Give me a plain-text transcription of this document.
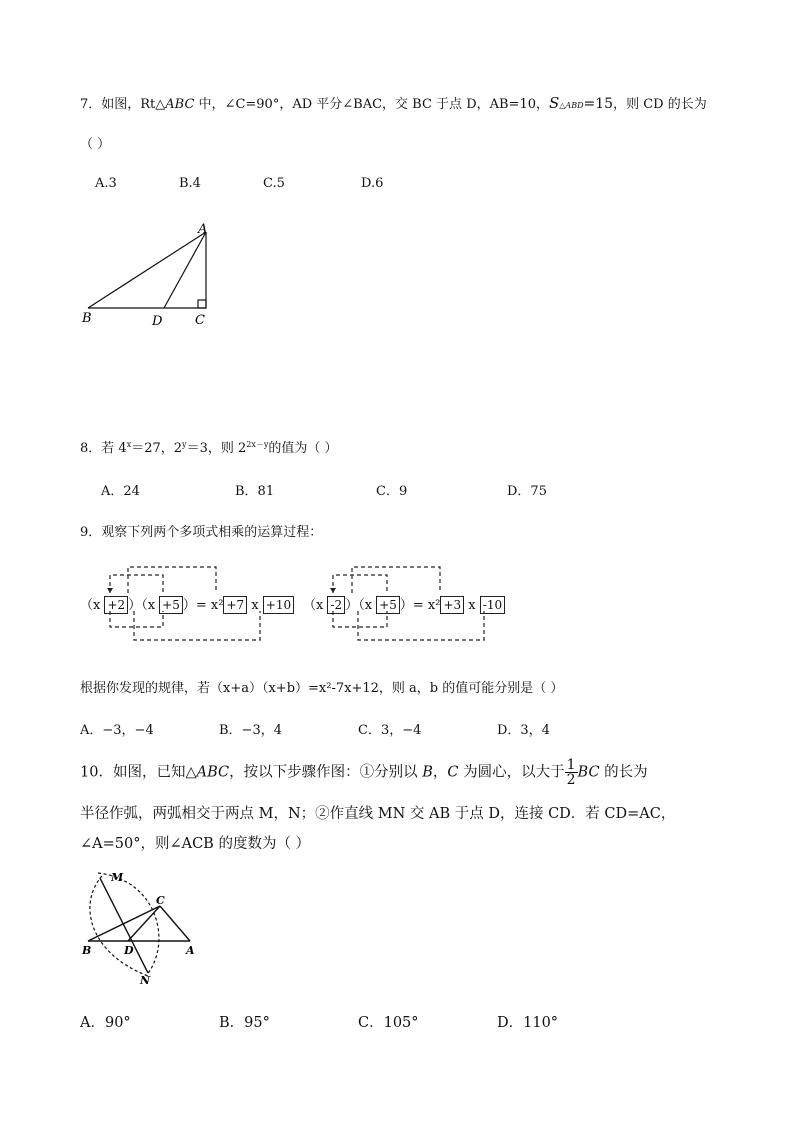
7．如图，Rt△ABC 中，∠C=90°，AD 平分∠BAC，交 BC 于点 D，AB=10，S△ABD=15，则 CD 的长为
（ ）
A.3	B.4	C.5	D.6
A
B	D	C
8．若 $4^x=27$，$2^y=3$，则 $2^{2x-y}$的值为（ ）
A．24	B．81	C．9	D．75
9．观察下列两个多项式相乘的运算过程：
（x +2 ）（x +5 ）= x² +7 x +10 （x -2 ）（x +5 ）= x² +3 x -10
根据你发现的规律，若（x+a）（x+b）=x²-7x+12，则 a，b 的值可能分别是（ ）
A．−3，−4	B．−3，4	C．3，−4	D．3，4
10．如图，已知△ABC，按以下步骤作图：①分别以 B，C 为圆心，以大于 $\frac{1}{2}$ BC 的长为
半径作弧，两弧相交于两点 M，N；②作直线 MN 交 AB 于点 D，连接 CD．若 CD=AC，
∠A=50°，则∠ACB 的度数为（ ）
M
C
B	D	A
N
A．90°	B．95°	C．105°	D．110°
